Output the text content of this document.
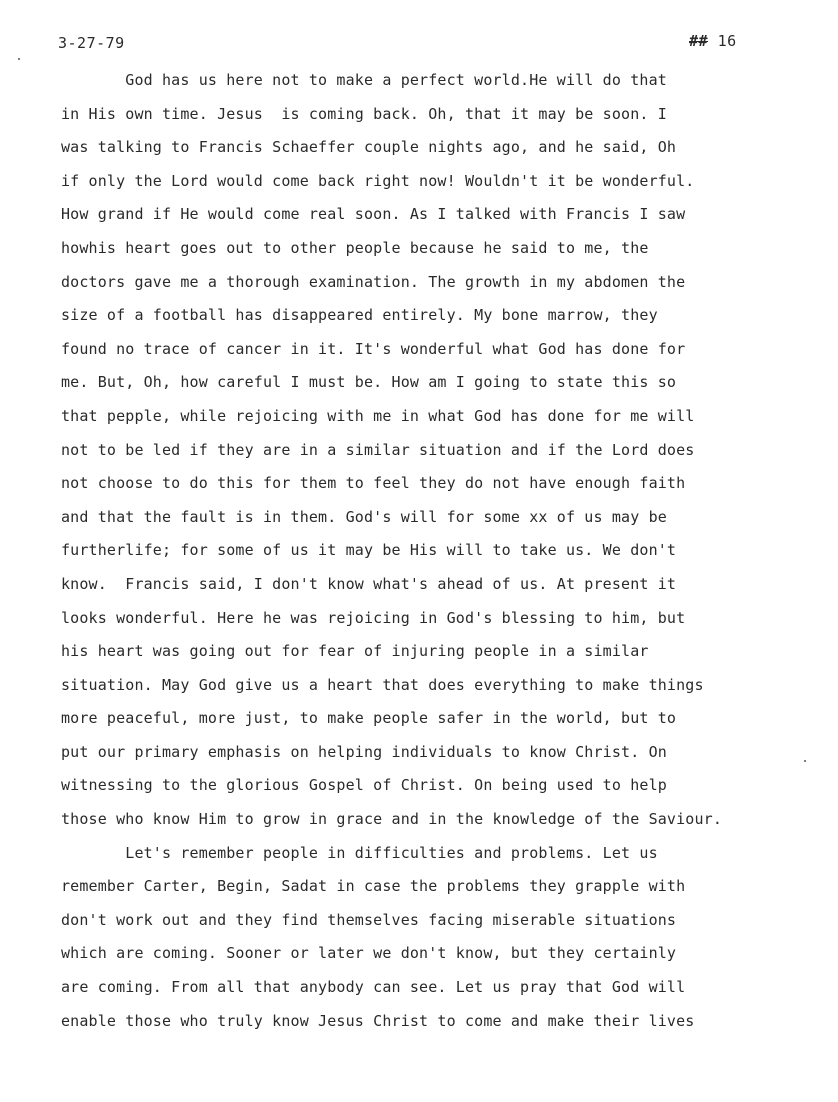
3-27-79	## 16
God has us here not to make a perfect world.He will do that
in His own time. Jesus  is coming back. Oh, that it may be soon. I
was talking to Francis Schaeffer couple nights ago, and he said, Oh
if only the Lord would come back right now! Wouldn't it be wonderful.
How grand if He would come real soon. As I talked with Francis I saw
howhis heart goes out to other people because he said to me, the
doctors gave me a thorough examination. The growth in my abdomen the
size of a football has disappeared entirely. My bone marrow, they
found no trace of cancer in it. It's wonderful what God has done for
me. But, Oh, how careful I must be. How am I going to state this so
that pepple, while rejoicing with me in what God has done for me will
not to be led if they are in a similar situation and if the Lord does
not choose to do this for them to feel they do not have enough faith
and that the fault is in them. God's will for some xx of us may be
furtherlife; for some of us it may be His will to take us. We don't
know.  Francis said, I don't know what's ahead of us. At present it
looks wonderful. Here he was rejoicing in God's blessing to him, but
his heart was going out for fear of injuring people in a similar
situation. May God give us a heart that does everything to make things
more peaceful, more just, to make people safer in the world, but to
put our primary emphasis on helping individuals to know Christ. On
witnessing to the glorious Gospel of Christ. On being used to help
those who know Him to grow in grace and in the knowledge of the Saviour.
Let's remember people in difficulties and problems. Let us
remember Carter, Begin, Sadat in case the problems they grapple with
don't work out and they find themselves facing miserable situations
which are coming. Sooner or later we don't know, but they certainly
are coming. From all that anybody can see. Let us pray that God will
enable those who truly know Jesus Christ to come and make their lives
